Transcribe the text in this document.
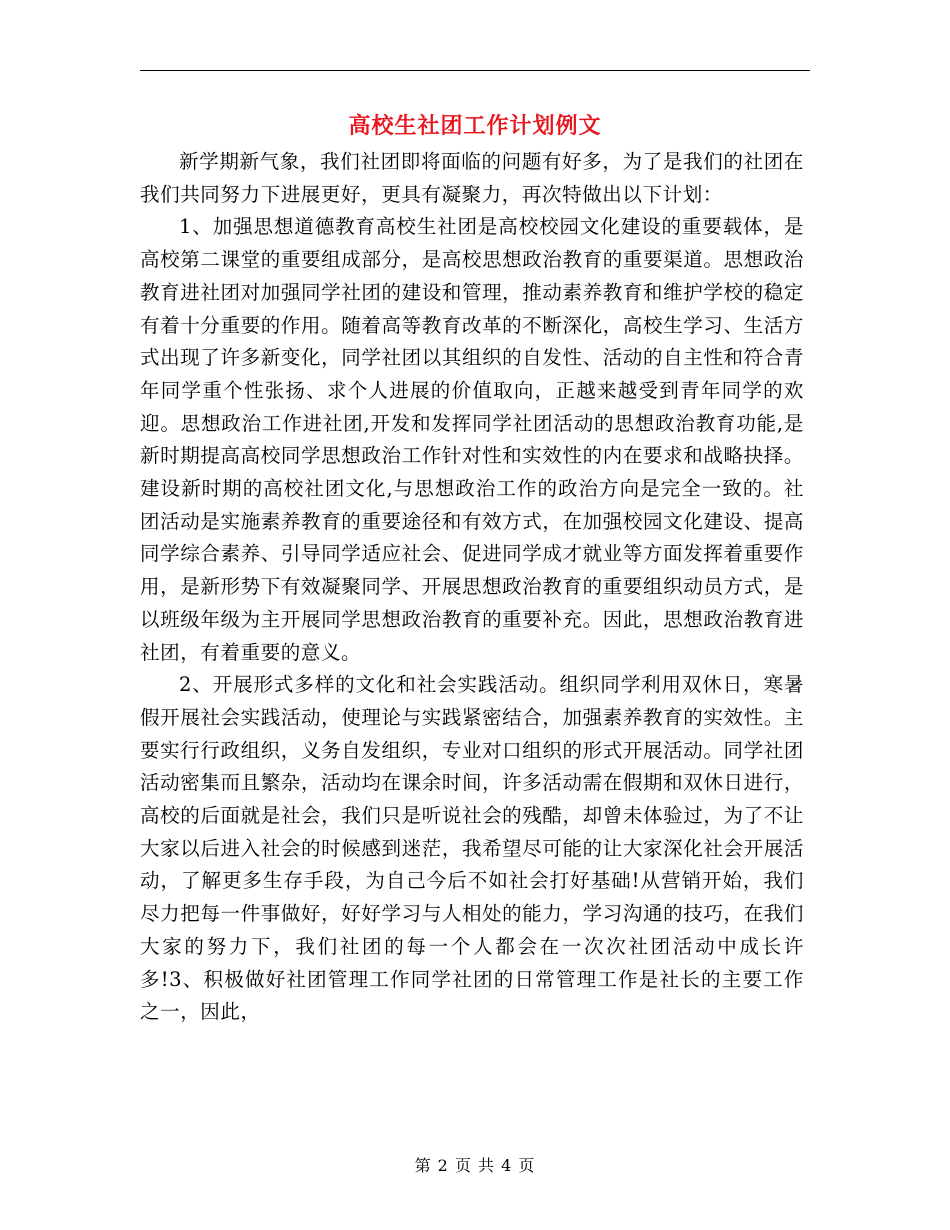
高校生社团工作计划例文

新学期新气象，我们社团即将面临的问题有好多，为了是我们的社团在我们共同努力下进展更好，更具有凝聚力，再次特做出以下计划：

1、加强思想道德教育高校生社团是高校校园文化建设的重要载体，是高校第二课堂的重要组成部分，是高校思想政治教育的重要渠道。思想政治教育进社团对加强同学社团的建设和管理，推动素养教育和维护学校的稳定有着十分重要的作用。随着高等教育改革的不断深化，高校生学习、生活方式出现了许多新变化，同学社团以其组织的自发性、活动的自主性和符合青年同学重个性张扬、求个人进展的价值取向，正越来越受到青年同学的欢迎。思想政治工作进社团,开发和发挥同学社团活动的思想政治教育功能,是新时期提高高校同学思想政治工作针对性和实效性的内在要求和战略抉择。 建设新时期的高校社团文化,与思想政治工作的政治方向是完全一致的。社团活动是实施素养教育的重要途径和有效方式，在加强校园文化建设、提高同学综合素养、引导同学适应社会、促进同学成才就业等方面发挥着重要作用，是新形势下有效凝聚同学、开展思想政治教育的重要组织动员方式，是以班级年级为主开展同学思想政治教育的重要补充。因此，思想政治教育进社团，有着重要的意义。

2、开展形式多样的文化和社会实践活动。组织同学利用双休日，寒暑假开展社会实践活动，使理论与实践紧密结合，加强素养教育的实效性。主要实行行政组织，义务自发组织，专业对口组织的形式开展活动。同学社团活动密集而且繁杂，活动均在课余时间，许多活动需在假期和双休日进行，高校的后面就是社会，我们只是听说社会的残酷，却曾未体验过，为了不让大家以后进入社会的时候感到迷茫，我希望尽可能的让大家深化社会开展活动，了解更多生存手段，为自己今后不如社会打好基础!从营销开始，我们尽力把每一件事做好，好好学习与人相处的能力，学习沟通的技巧，在我们大家的努力下，我们社团的每一个人都会在一次次社团活动中成长许多!3、积极做好社团管理工作同学社团的日常管理工作是社长的主要工作之一，因此，

第 2 页 共 4 页
